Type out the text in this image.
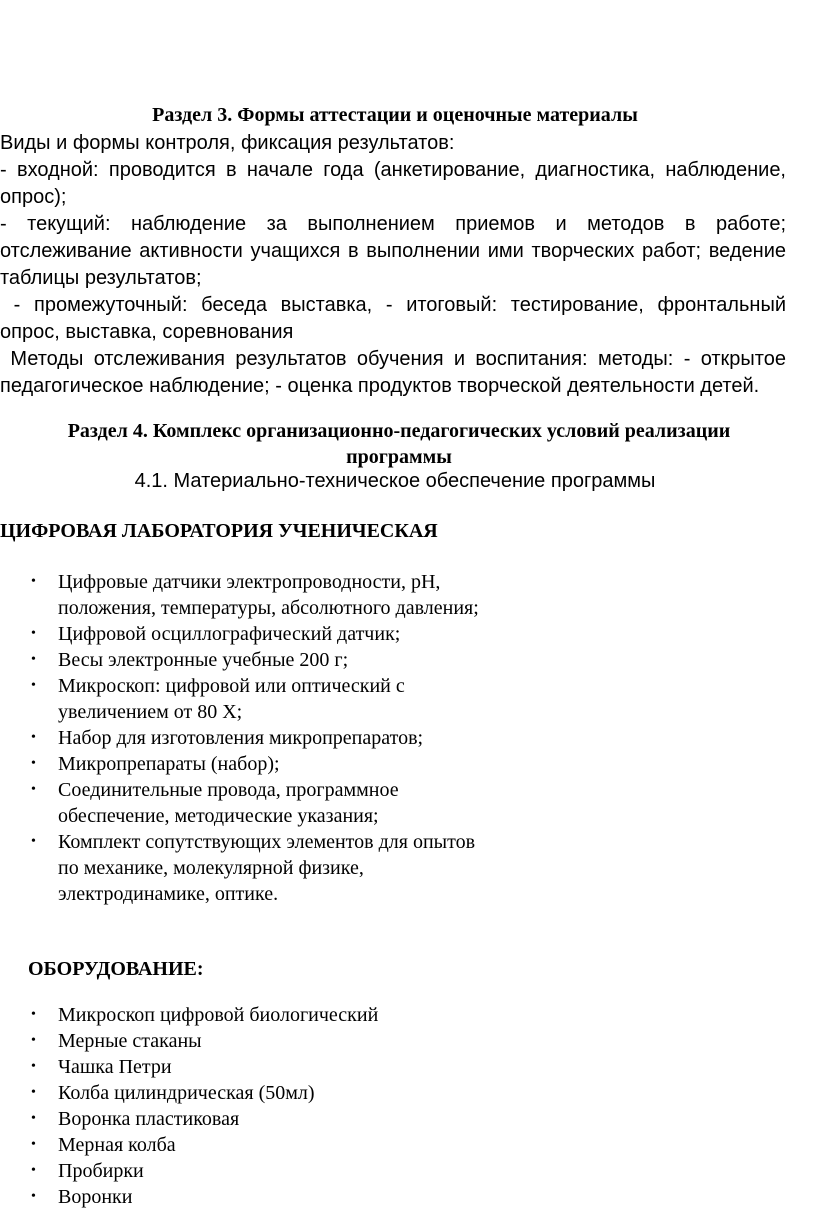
Раздел 3. Формы аттестации и оценочные материалы
Виды и формы контроля, фиксация результатов:
- входной: проводится в начале года (анкетирование, диагностика, наблюдение, опрос);
- текущий: наблюдение за выполнением приемов и методов в работе; отслеживание активности учащихся в выполнении ими творческих работ; ведение таблицы результатов;
- промежуточный: беседа выставка, - итоговый: тестирование, фронтальный опрос, выставка, соревнования
Методы отслеживания результатов обучения и воспитания: методы: - открытое педагогическое наблюдение; - оценка продуктов творческой деятельности детей.
Раздел 4. Комплекс организационно-педагогических условий реализации программы
4.1. Материально-техническое обеспечение программы
ЦИФРОВАЯ ЛАБОРАТОРИЯ УЧЕНИЧЕСКАЯ
• Цифровые датчики электропроводности, pH, положения, температуры, абсолютного давления;
• Цифровой осциллографический датчик;
• Весы электронные учебные 200 г;
• Микроскоп: цифровой или оптический с увеличением от 80 Х;
• Набор для изготовления микропрепаратов;
• Микропрепараты (набор);
• Соединительные провода, программное обеспечение, методические указания;
• Комплект сопутствующих элементов для опытов по механике, молекулярной физике, электродинамике, оптике.
ОБОРУДОВАНИЕ:
• Микроскоп цифровой биологический
• Мерные стаканы
• Чашка Петри
• Колба цилиндрическая (50мл)
• Воронка пластиковая
• Мерная колба
• Пробирки
• Воронки
